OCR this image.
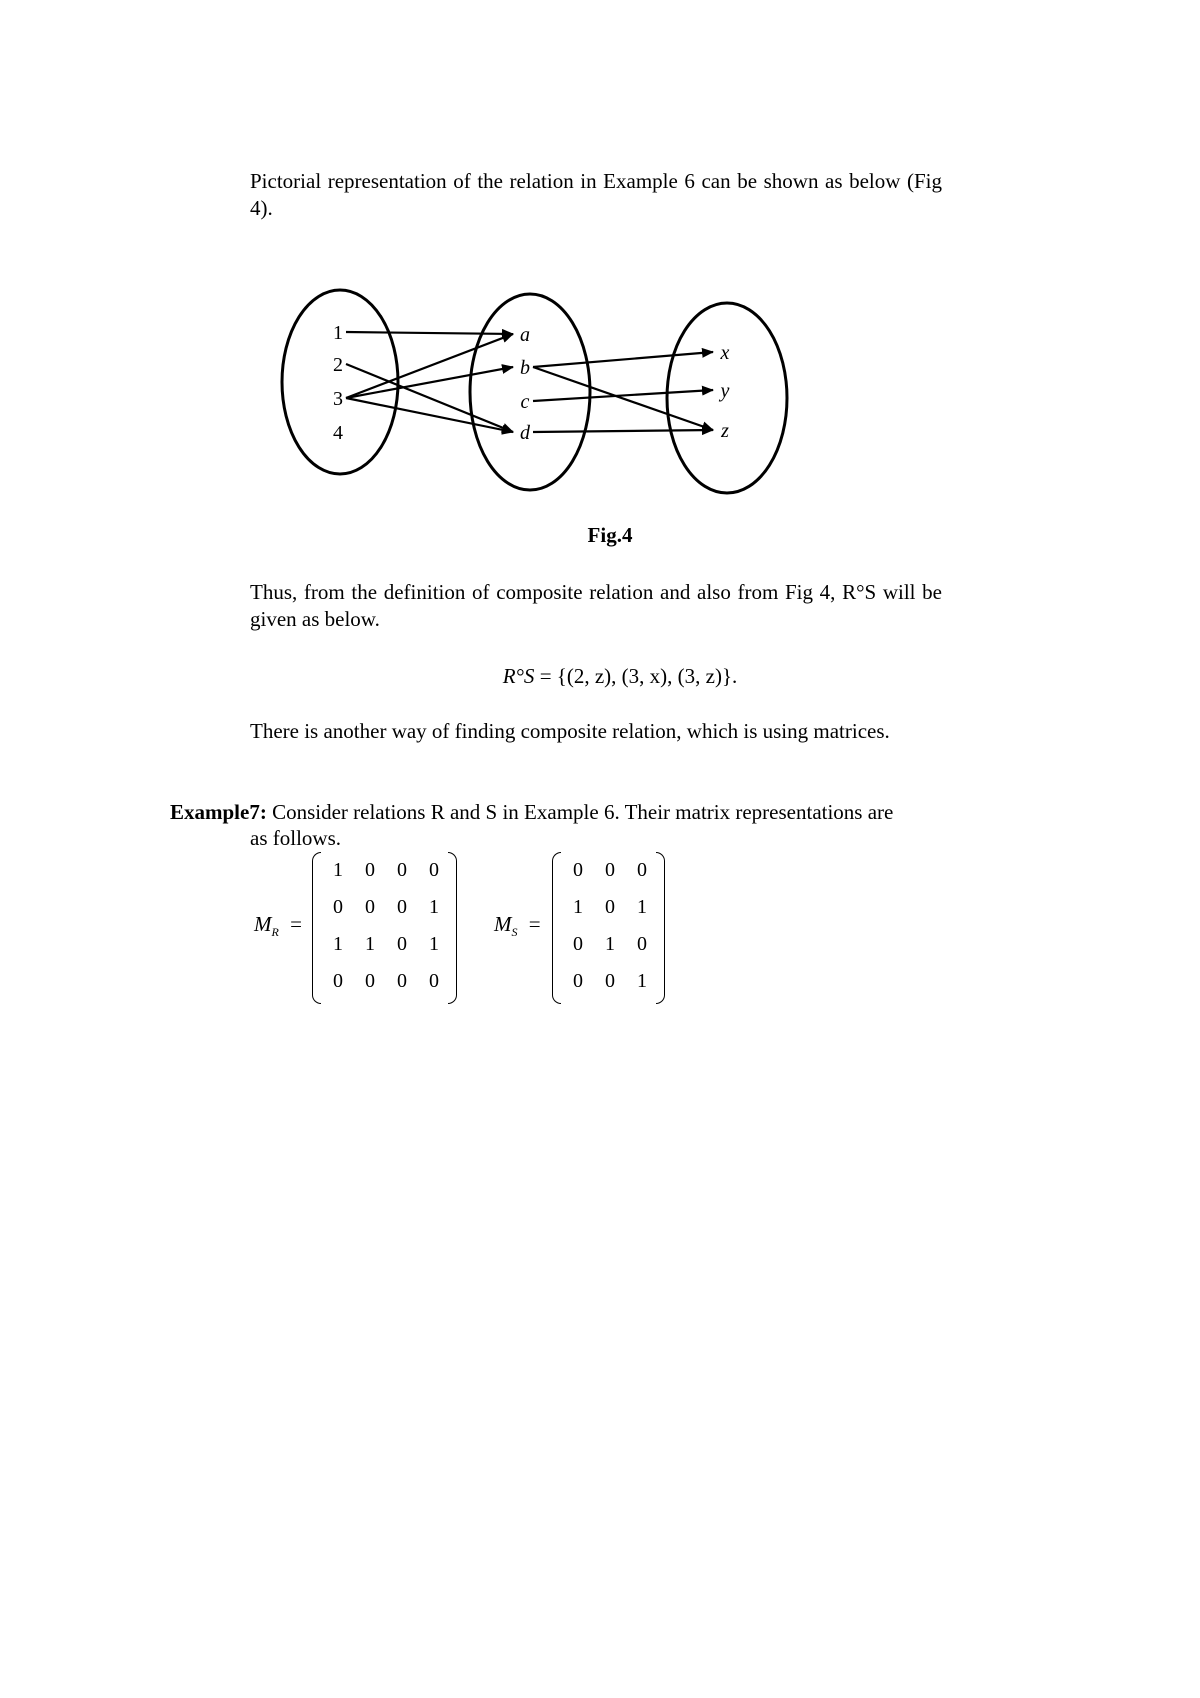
Pictorial representation of the relation in Example 6 can be shown as below (Fig 4).

1
2
3
4
a
b
c
d
x
y
z
Fig.4

Thus, from the definition of composite relation and also from Fig 4, R°S will be given as below.

R°S = {(2, z), (3, x), (3, z)}.

There is another way of finding composite relation, which is using matrices.

Example7: Consider relations R and S in Example 6. Their matrix representations are
as follows.
$M_R$ =
1	0	0	0
0	0	0	1
1	1	0	1
0	0	0	0
$M_S$ =
0	0	0
1	0	1
0	1	0
0	0	1
